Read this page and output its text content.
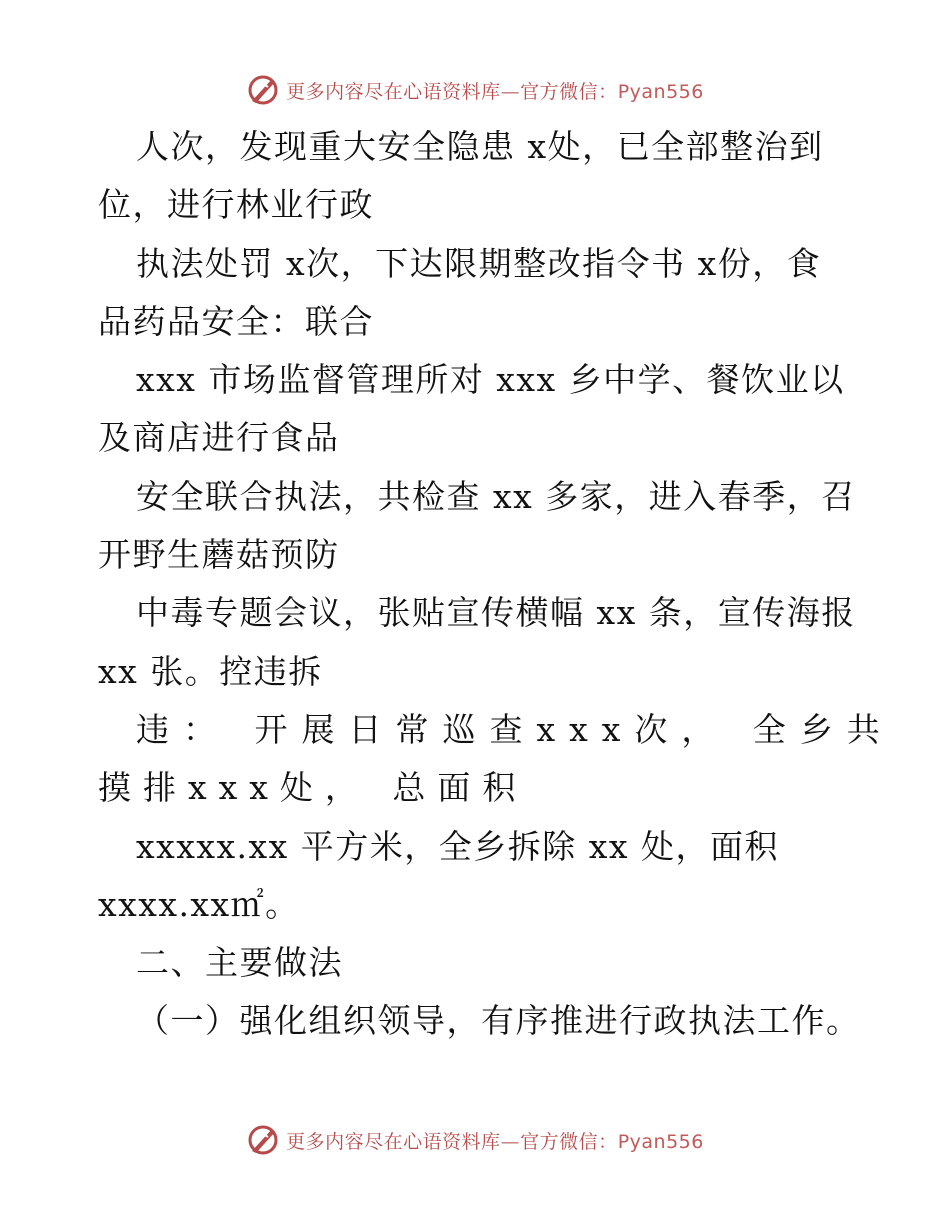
更多内容尽在心语资料库—官方微信：Pyan556
人次，发现重大安全隐患 x处，已全部整治到
位，进行林业行政
执法处罚 x次，下达限期整改指令书 x份，食
品药品安全：联合
xxx 市场监督管理所对 xxx 乡中学、餐饮业以
及商店进行食品
安全联合执法，共检查 xx 多家，进入春季，召
开野生蘑菇预防
中毒专题会议，张贴宣传横幅 xx 条，宣传海报
xx 张。控违拆
违： 开展日常巡查xxx次， 全乡共
摸排xxx处， 总面积
xxxxx.xx 平方米，全乡拆除 xx 处，面积
xxxx.xx㎡。
二、主要做法
（一）强化组织领导，有序推进行政执法工作。
更多内容尽在心语资料库—官方微信：Pyan556
